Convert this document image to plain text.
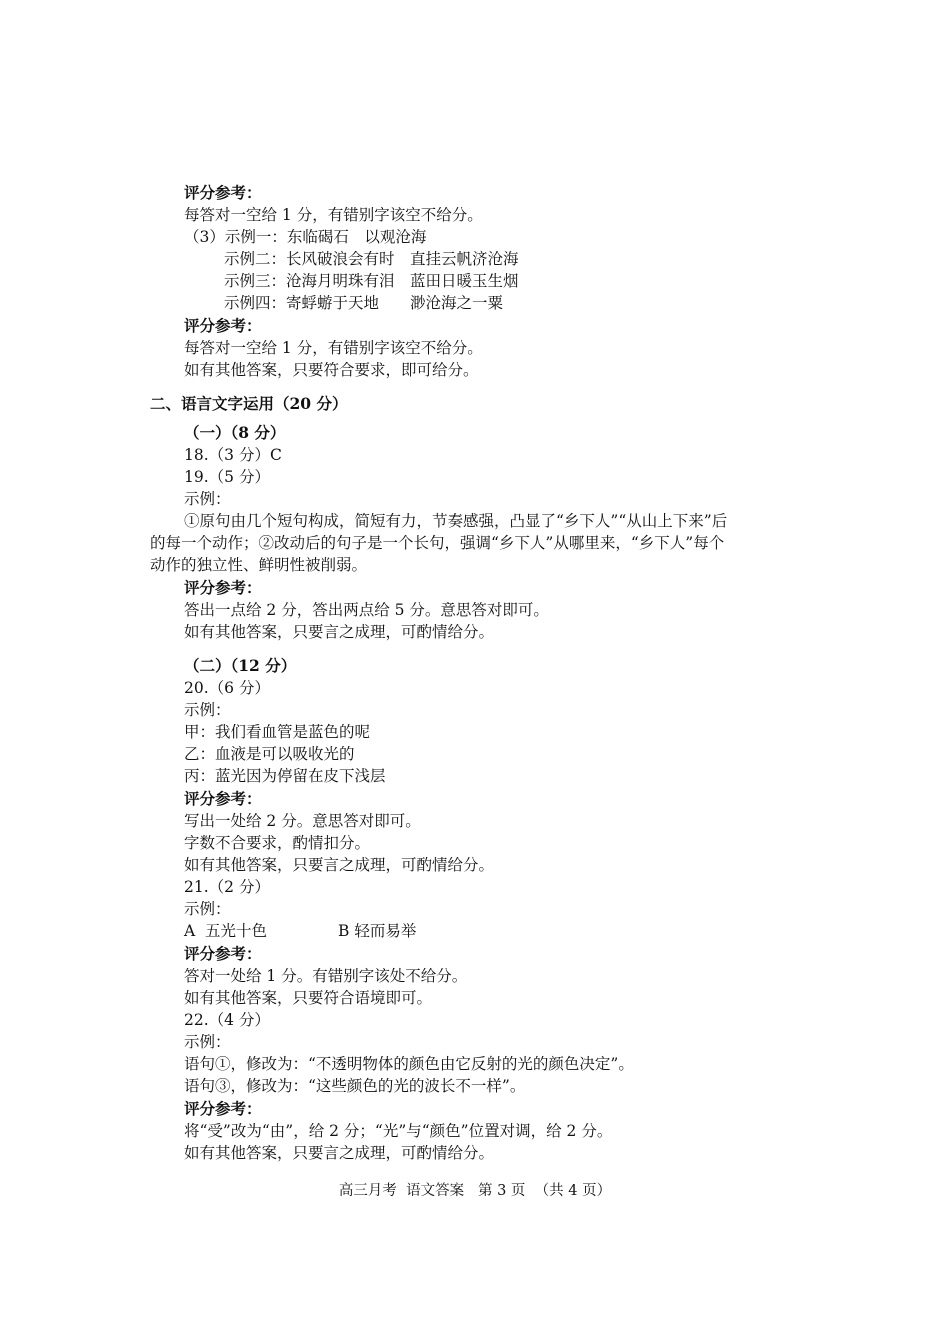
评分参考：
每答对一空给 1 分，有错别字该空不给分。
（3）示例一：东临碣石　以观沧海
示例二：长风破浪会有时　直挂云帆济沧海
示例三：沧海月明珠有泪　蓝田日暖玉生烟
示例四：寄蜉蝣于天地　　渺沧海之一粟
评分参考：
每答对一空给 1 分，有错别字该空不给分。
如有其他答案，只要符合要求，即可给分。
二、语言文字运用（20 分）
（一）（8 分）
18.（3 分）C
19.（5 分）
示例：
①原句由几个短句构成，简短有力，节奏感强，凸显了“乡下人”“从山上下来”后
的每一个动作；②改动后的句子是一个长句，强调“乡下人”从哪里来，“乡下人”每个
动作的独立性、鲜明性被削弱。
评分参考：
答出一点给 2 分，答出两点给 5 分。意思答对即可。
如有其他答案，只要言之成理，可酌情给分。
（二）（12 分）
20.（6 分）
示例：
甲：我们看血管是蓝色的呢
乙：血液是可以吸收光的
丙：蓝光因为停留在皮下浅层
评分参考：
写出一处给 2 分。意思答对即可。
字数不合要求，酌情扣分。
如有其他答案，只要言之成理，可酌情给分。
21.（2 分）
示例：
A  五光十色	B 轻而易举
评分参考：
答对一处给 1 分。有错别字该处不给分。
如有其他答案，只要符合语境即可。
22.（4 分）
示例：
语句①，修改为：“不透明物体的颜色由它反射的光的颜色决定”。
语句③，修改为：“这些颜色的光的波长不一样”。
评分参考：
将“受”改为“由”，给 2 分；“光”与“颜色”位置对调，给 2 分。
如有其他答案，只要言之成理，可酌情给分。
高三月考  语文答案   第 3 页  （共 4 页）
